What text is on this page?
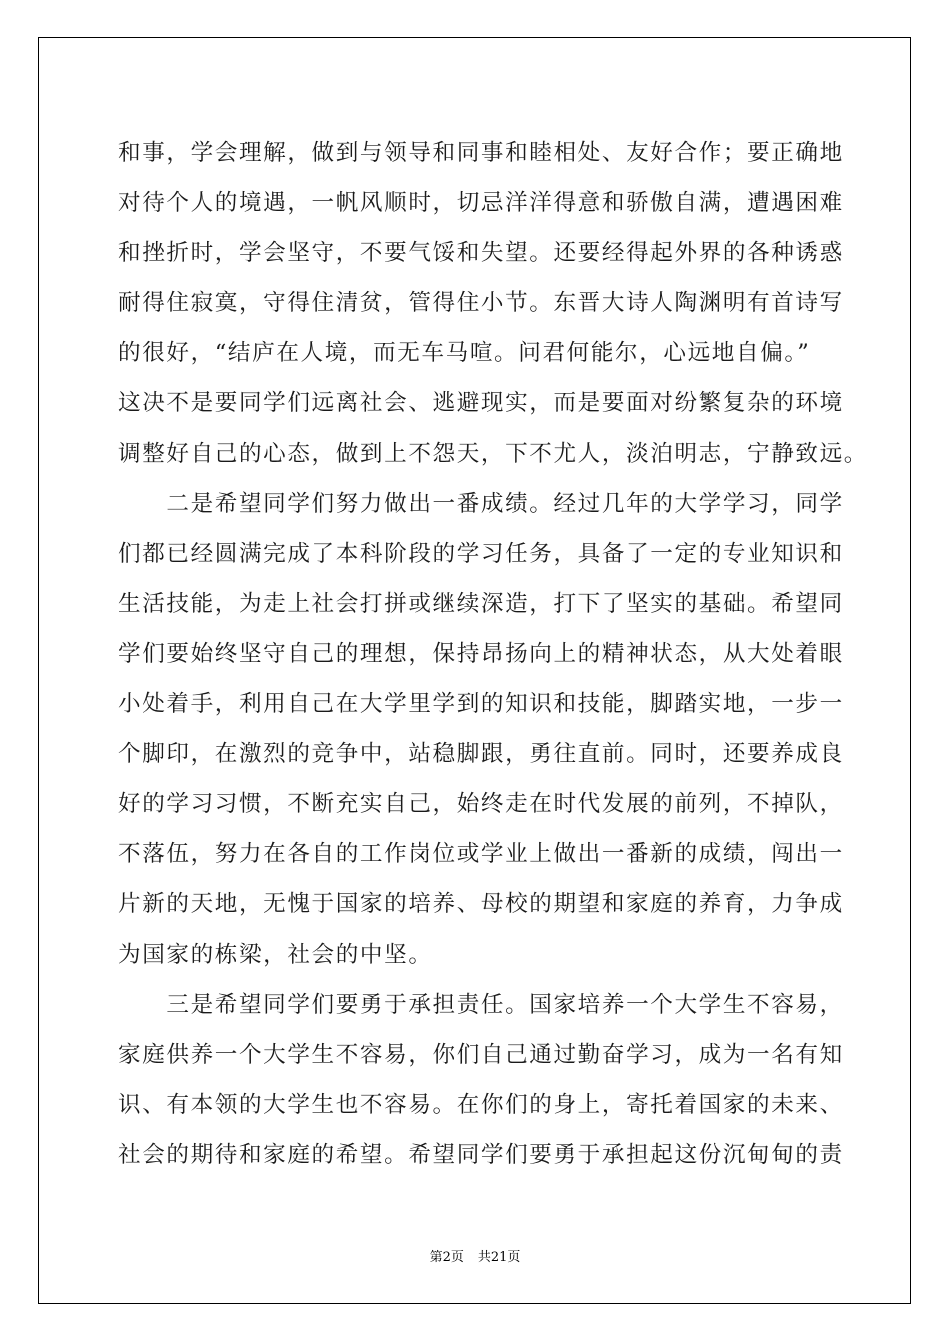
和事，学会理解，做到与领导和同事和睦相处、友好合作；要正确地
对待个人的境遇，一帆风顺时，切忌洋洋得意和骄傲自满，遭遇困难
和挫折时，学会坚守，不要气馁和失望。还要经得起外界的各种诱惑
耐得住寂寞，守得住清贫，管得住小节。东晋大诗人陶渊明有首诗写
的很好，“结庐在人境，而无车马喧。问君何能尔，心远地自偏。”
这决不是要同学们远离社会、逃避现实，而是要面对纷繁复杂的环境
调整好自己的心态，做到上不怨天，下不尤人，淡泊明志，宁静致远。
　　二是希望同学们努力做出一番成绩。经过几年的大学学习，同学
们都已经圆满完成了本科阶段的学习任务，具备了一定的专业知识和
生活技能，为走上社会打拼或继续深造，打下了坚实的基础。希望同
学们要始终坚守自己的理想，保持昂扬向上的精神状态，从大处着眼
小处着手，利用自己在大学里学到的知识和技能，脚踏实地，一步一
个脚印，在激烈的竞争中，站稳脚跟，勇往直前。同时，还要养成良
好的学习习惯，不断充实自己，始终走在时代发展的前列，不掉队，
不落伍，努力在各自的工作岗位或学业上做出一番新的成绩，闯出一
片新的天地，无愧于国家的培养、母校的期望和家庭的养育，力争成
为国家的栋梁，社会的中坚。
　　三是希望同学们要勇于承担责任。国家培养一个大学生不容易，
家庭供养一个大学生不容易，你们自己通过勤奋学习，成为一名有知
识、有本领的大学生也不容易。在你们的身上，寄托着国家的未来、
社会的期待和家庭的希望。希望同学们要勇于承担起这份沉甸甸的责
第2页 共21页
